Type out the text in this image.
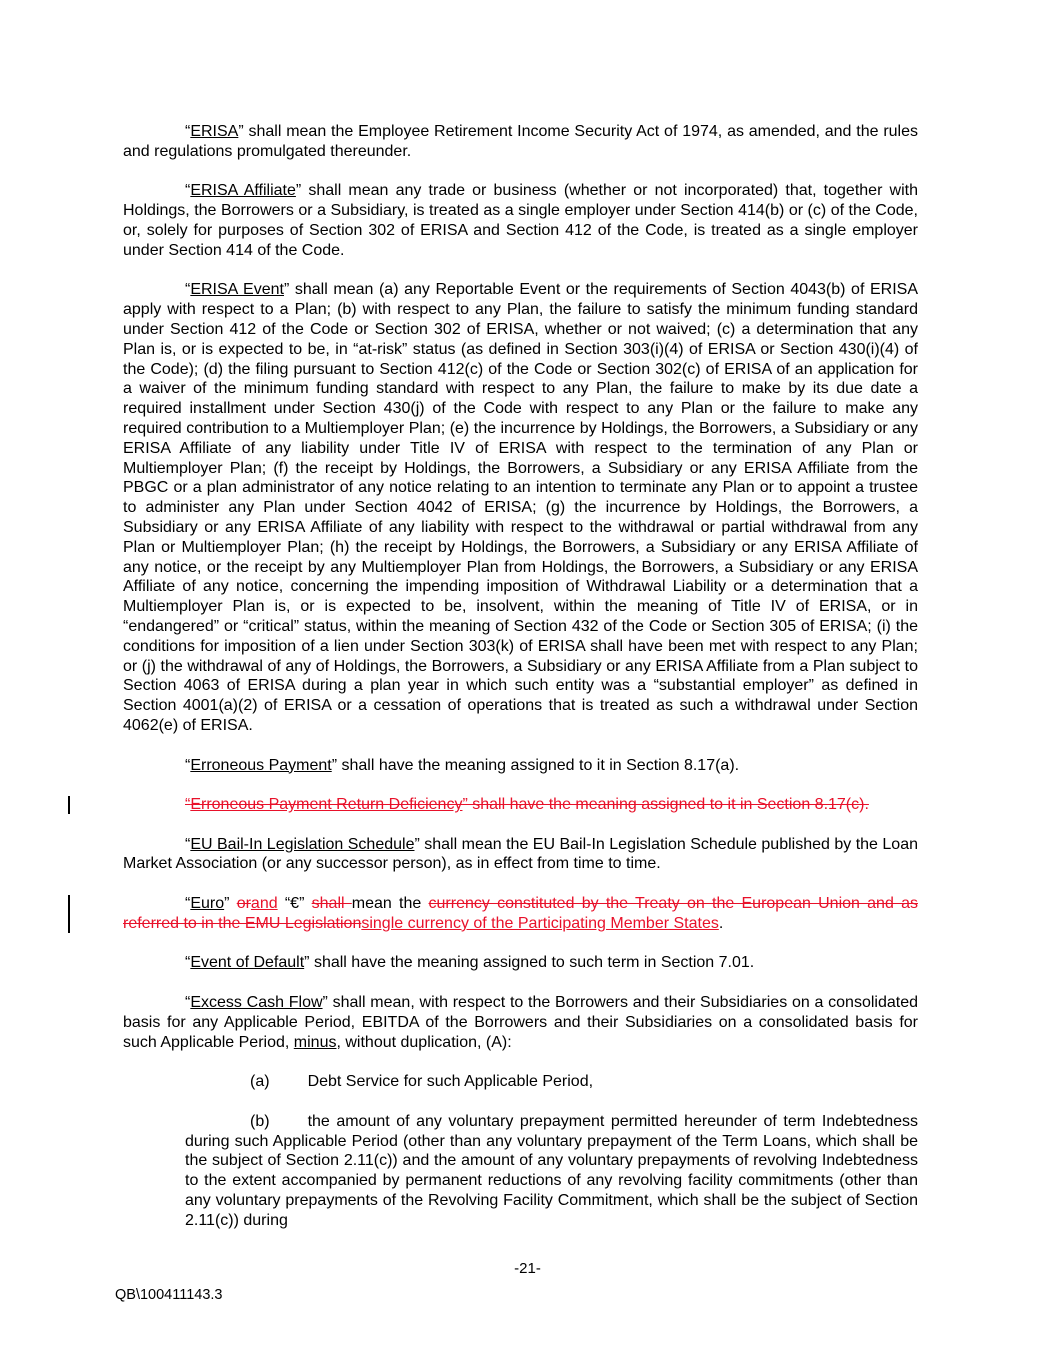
“ERISA” shall mean the Employee Retirement Income Security Act of 1974, as amended, and the rules and regulations promulgated thereunder.

“ERISA Affiliate” shall mean any trade or business (whether or not incorporated) that, together with Holdings, the Borrowers or a Subsidiary, is treated as a single employer under Section 414(b) or (c) of the Code, or, solely for purposes of Section 302 of ERISA and Section 412 of the Code, is treated as a single employer under Section 414 of the Code.

“ERISA Event” shall mean (a) any Reportable Event or the requirements of Section 4043(b) of ERISA apply with respect to a Plan; (b) with respect to any Plan, the failure to satisfy the minimum funding standard under Section 412 of the Code or Section 302 of ERISA, whether or not waived; (c) a determination that any Plan is, or is expected to be, in “at-risk” status (as defined in Section 303(i)(4) of ERISA or Section 430(i)(4) of the Code); (d) the filing pursuant to Section 412(c) of the Code or Section 302(c) of ERISA of an application for a waiver of the minimum funding standard with respect to any Plan, the failure to make by its due date a required installment under Section 430(j) of the Code with respect to any Plan or the failure to make any required contribution to a Multiemployer Plan; (e) the incurrence by Holdings, the Borrowers, a Subsidiary or any ERISA Affiliate of any liability under Title IV of ERISA with respect to the termination of any Plan or Multiemployer Plan; (f) the receipt by Holdings, the Borrowers, a Subsidiary or any ERISA Affiliate from the PBGC or a plan administrator of any notice relating to an intention to terminate any Plan or to appoint a trustee to administer any Plan under Section 4042 of ERISA; (g) the incurrence by Holdings, the Borrowers, a Subsidiary or any ERISA Affiliate of any liability with respect to the withdrawal or partial withdrawal from any Plan or Multiemployer Plan; (h) the receipt by Holdings, the Borrowers, a Subsidiary or any ERISA Affiliate of any notice, or the receipt by any Multiemployer Plan from Holdings, the Borrowers, a Subsidiary or any ERISA Affiliate of any notice, concerning the impending imposition of Withdrawal Liability or a determination that a Multiemployer Plan is, or is expected to be, insolvent, within the meaning of Title IV of ERISA, or in “endangered” or “critical” status, within the meaning of Section 432 of the Code or Section 305 of ERISA; (i) the conditions for imposition of a lien under Section 303(k) of ERISA shall have been met with respect to any Plan; or (j) the withdrawal of any of Holdings, the Borrowers, a Subsidiary or any ERISA Affiliate from a Plan subject to Section 4063 of ERISA during a plan year in which such entity was a “substantial employer” as defined in Section 4001(a)(2) of ERISA or a cessation of operations that is treated as such a withdrawal under Section 4062(e) of ERISA.

“Erroneous Payment” shall have the meaning assigned to it in Section 8.17(a).

“Erroneous Payment Return Deficiency” shall have the meaning assigned to it in Section 8.17(c).

“EU Bail-In Legislation Schedule” shall mean the EU Bail-In Legislation Schedule published by the Loan Market Association (or any successor person), as in effect from time to time.

“Euro” orand “€” shall mean the currency constituted by the Treaty on the European Union and as referred to in the EMU Legislationsingle currency of the Participating Member States.

“Event of Default” shall have the meaning assigned to such term in Section 7.01.

“Excess Cash Flow” shall mean, with respect to the Borrowers and their Subsidiaries on a consolidated basis for any Applicable Period, EBITDA of the Borrowers and their Subsidiaries on a consolidated basis for such Applicable Period, minus, without duplication, (A):

(a) Debt Service for such Applicable Period,

(b) the amount of any voluntary prepayment permitted hereunder of term Indebtedness during such Applicable Period (other than any voluntary prepayment of the Term Loans, which shall be the subject of Section 2.11(c)) and the amount of any voluntary prepayments of revolving Indebtedness to the extent accompanied by permanent reductions of any revolving facility commitments (other than any voluntary prepayments of the Revolving Facility Commitment, which shall be the subject of Section 2.11(c)) during

-21-
QB\100411143.3
